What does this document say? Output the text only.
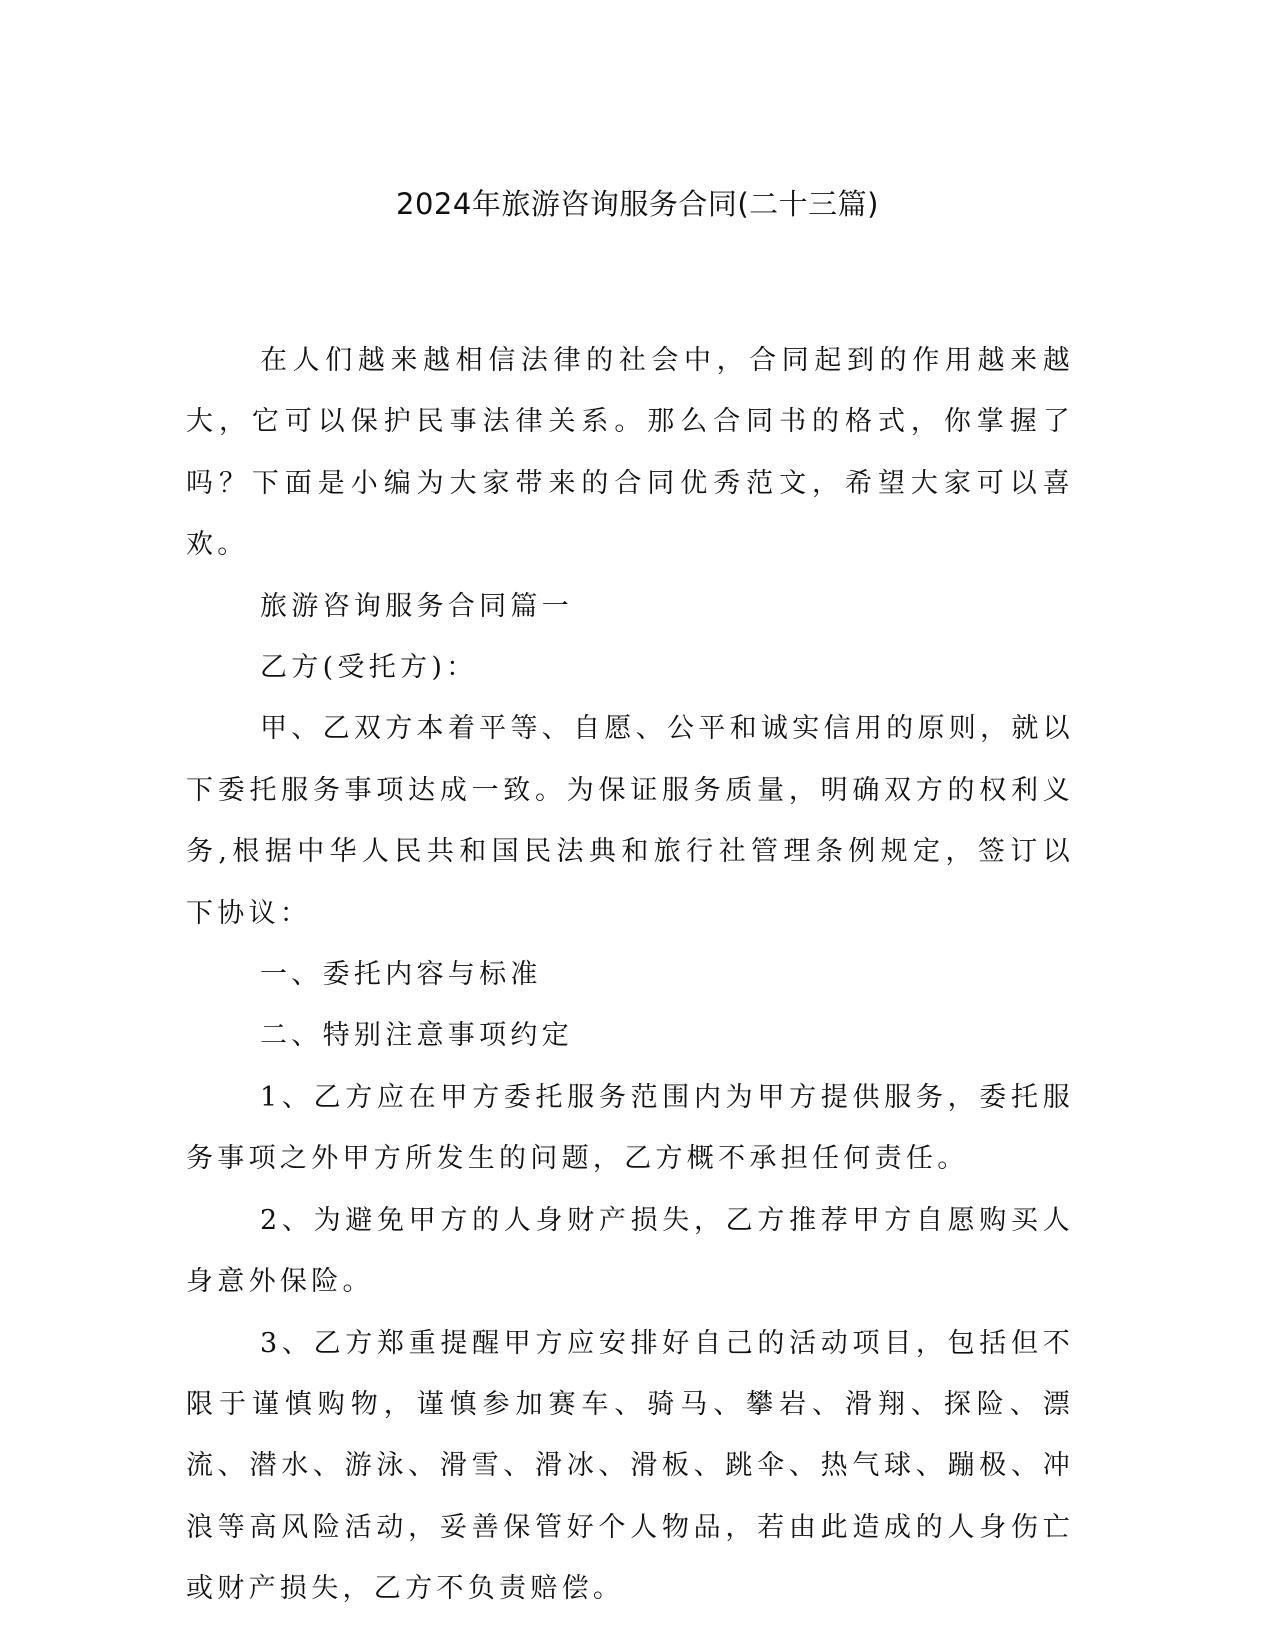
2024年旅游咨询服务合同(二十三篇)

在人们越来越相信法律的社会中，合同起到的作用越来越大，它可以保护民事法律关系。那么合同书的格式，你掌握了吗？下面是小编为大家带来的合同优秀范文，希望大家可以喜欢。

旅游咨询服务合同篇一

乙方(受托方)：

甲、乙双方本着平等、自愿、公平和诚实信用的原则，就以下委托服务事项达成一致。为保证服务质量，明确双方的权利义务,根据中华人民共和国民法典和旅行社管理条例规定，签订以下协议：

一、委托内容与标准

二、特别注意事项约定

1、乙方应在甲方委托服务范围内为甲方提供服务，委托服务事项之外甲方所发生的问题，乙方概不承担任何责任。

2、为避免甲方的人身财产损失，乙方推荐甲方自愿购买人身意外保险。

3、乙方郑重提醒甲方应安排好自己的活动项目，包括但不限于谨慎购物，谨慎参加赛车、骑马、攀岩、滑翔、探险、漂流、潜水、游泳、滑雪、滑冰、滑板、跳伞、热气球、蹦极、冲浪等高风险活动，妥善保管好个人物品，若由此造成的人身伤亡或财产损失，乙方不负责赔偿。
